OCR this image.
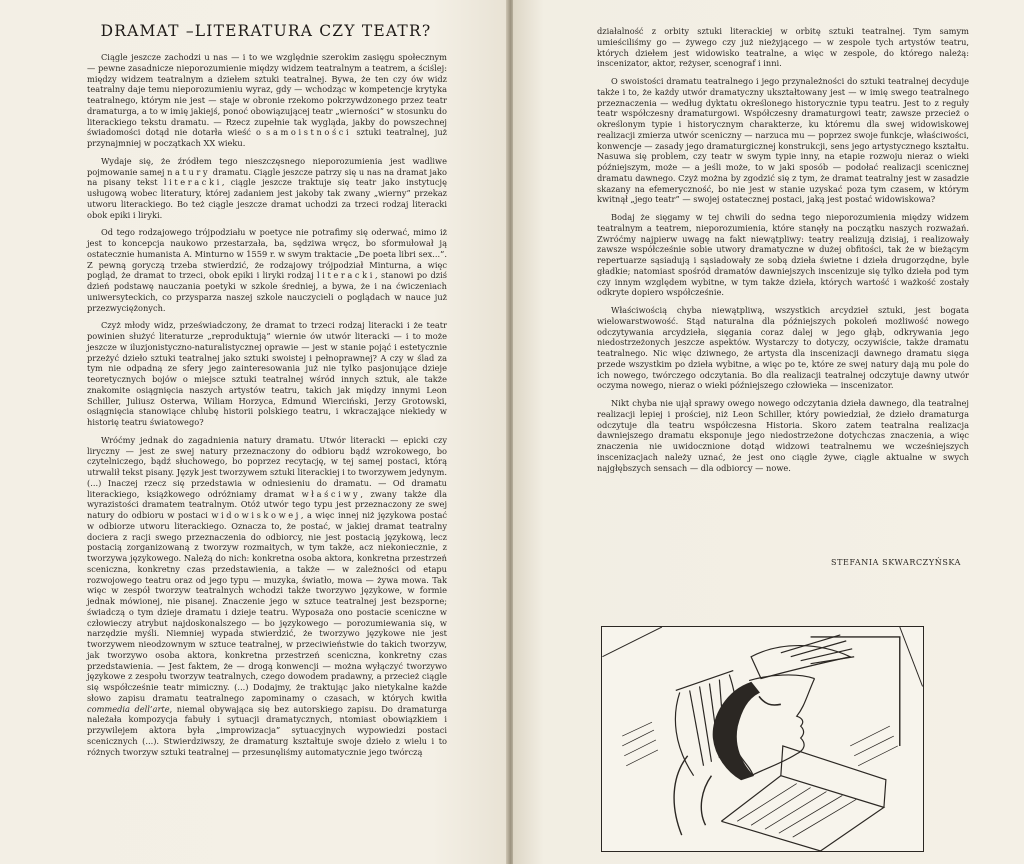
DRAMAT –LITERATURA CZY TEATR?

Ciągle jeszcze zachodzi u nas — i to we względnie szerokim zasięgu społecznym — pewne zasadnicze nieporozumienie między widzem teatralnym a teatrem, a ściślej: między widzem teatralnym a dziełem sztuki teatralnej. Bywa, że ten czy ów widz teatralny daje temu nieporozumieniu wyraz, gdy — wchodząc w kompetencje krytyka teatralnego, którym nie jest — staje w obronie rzekomo pokrzywdzonego przez teatr dramaturga, a to w imię jakiejś, ponoć obowiązującej teatr „wierności” w stosunku do literackiego tekstu dramatu. — Rzecz zupełnie tak wygląda, jakby do powszechnej świadomości dotąd nie dotarła wieść o samoistności sztuki teatralnej, już przynajmniej w początkach XX wieku.

Wydaje się, że źródłem tego nieszczęsnego nieporozumienia jest wadliwe pojmowanie samej natury dramatu. Ciągle jeszcze patrzy się u nas na dramat jako na pisany tekst literacki, ciągle jeszcze traktuje się teatr jako instytucję usługową wobec literatury, której zadaniem jest jakoby tak zwany „wierny” przekaz utworu literackiego. Bo też ciągle jeszcze dramat uchodzi za trzeci rodzaj literacki obok epiki i liryki.

Od tego rodzajowego trójpodziału w poetyce nie potrafimy się oderwać, mimo iż jest to koncepcja naukowo przestarzała, ba, sędziwa wręcz, bo sformułował ją ostatecznie humanista A. Minturno w 1559 r. w swym traktacie „De poeta libri sex...”. Z pewną goryczą trzeba stwierdzić, że rodzajowy trójpodział Minturna, a więc pogląd, że dramat to trzeci, obok epiki i liryki rodzaj literacki, stanowi po dziś dzień podstawę nauczania poetyki w szkole średniej, a bywa, że i na ćwiczeniach uniwersyteckich, co przysparza naszej szkole nauczycieli o poglądach w nauce już przezwyciężonych.

Czyż młody widz, przeświadczony, że dramat to trzeci rodzaj literacki i że teatr powinien służyć literaturze „reproduktują” wiernie ów utwór literacki — i to może jeszcze w iluzjonistyczno-naturalistycznej oprawie — jest w stanie pojąć i estetycznie przeżyć dzieło sztuki teatralnej jako sztuki swoistej i pełnoprawnej? A czy w ślad za tym nie odpadną ze sfery jego zainteresowania już nie tylko pasjonujące dzieje teoretycznych bojów o miejsce sztuki teatralnej wśród innych sztuk, ale także znakomite osiągnięcia naszych artystów teatru, takich jak między innymi Leon Schiller, Juliusz Osterwa, Wiliam Horzyca, Edmund Wierciński, Jerzy Grotowski, osiągnięcia stanowiące chlubę historii polskiego teatru, i wkraczające niekiedy w historię teatru światowego?

Wróćmy jednak do zagadnienia natury dramatu. Utwór literacki — epicki czy liryczny — jest ze swej natury przeznaczony do odbioru bądź wzrokowego, bo czytelniczego, bądź słuchowego, bo poprzez recytację, w tej samej postaci, którą utrwalił tekst pisany. Język jest tworzywem sztuki literackiej i to tworzywem jedynym. (...) Inaczej rzecz się przedstawia w odniesieniu do dramatu. — Od dramatu literackiego, książkowego odróżniamy dramat właściwy, zwany także dla wyrazistości dramatem teatralnym. Otóż utwór tego typu jest przeznaczony ze swej natury do odbioru w postaci widowiskowej, a więc innej niż językowa postać w odbiorze utworu literackiego. Oznacza to, że postać, w jakiej dramat teatralny dociera z racji swego przeznaczenia do odbiorcy, nie jest postacią językową, lecz postacią zorganizowaną z tworzyw rozmaitych, w tym także, acz niekoniecznie, z tworzywa językowego. Należą do nich: konkretna osoba aktora, konkretna przestrzeń sceniczna, konkretny czas przedstawienia, a także — w zależności od etapu rozwojowego teatru oraz od jego typu — muzyka, światło, mowa — żywa mowa. Tak więc w zespół tworzyw teatralnych wchodzi także tworzywo językowe, w formie jednak mówionej, nie pisanej. Znaczenie jego w sztuce teatralnej jest bezsporne; świadczą o tym dzieje dramatu i dzieje teatru. Wyposaża ono postacie sceniczne w człowieczy atrybut najdoskonalszego — bo językowego — porozumiewania się, w narzędzie myśli. Niemniej wypada stwierdzić, że tworzywo językowe nie jest tworzywem nieodzownym w sztuce teatralnej, w przeciwieństwie do takich tworzyw, jak tworzywo osoba aktora, konkretna przestrzeń sceniczna, konkretny czas przedstawienia. — Jest faktem, że — drogą konwencji — można wyłączyć tworzywo językowe z zespołu tworzyw teatralnych, czego dowodem pradawny, a przecież ciągle się współcześnie teatr mimiczny. (...) Dodajmy, że traktując jako nietykalne każde słowo zapisu dramatu teatralnego zapominamy o czasach, w których kwitła commedia dell’arte, niemal obywająca się bez autorskiego zapisu. Do dramaturga należała kompozycja fabuły i sytuacji dramatycznych, ntomiast obowiązkiem i przywilejem aktora była „improwizacja” sytuacyjnych wypowiedzi postaci scenicznych (...). Stwierdziwszy, że dramaturg kształtuje swoje dzieło z wielu i to różnych tworzyw sztuki teatralnej — przesunęliśmy automatycznie jego twórczą

działalność z orbity sztuki literackiej w orbitę sztuki teatralnej. Tym samym umieściliśmy go — żywego czy już nieżyjącego — w zespole tych artystów teatru, których dziełem jest widowisko teatralne, a więc w zespole, do którego należą: inscenizator, aktor, reżyser, scenograf i inni.

O swoistości dramatu teatralnego i jego przynależności do sztuki teatralnej decyduje także i to, że każdy utwór dramatyczny ukształtowany jest — w imię swego teatralnego przeznaczenia — według dyktatu określonego historycznie typu teatru. Jest to z reguły teatr współczesny dramaturgowi. Współczesny dramaturgowi teatr, zawsze przecież o określonym typie i historycznym charakterze, ku któremu dla swej widowiskowej realizacji zmierza utwór sceniczny — narzuca mu — poprzez swoje funkcje, właściwości, konwencje — zasady jego dramaturgicznej konstrukcji, sens jego artystycznego kształtu. Nasuwa się problem, czy teatr w swym typie inny, na etapie rozwoju nieraz o wieki późniejszym, może — a jeśli może, to w jaki sposób — podołać realizacji scenicznej dramatu dawnego. Czyż można by zgodzić się z tym, że dramat teatralny jest w zasadzie skazany na efemeryczność, bo nie jest w stanie uzyskać poza tym czasem, w którym kwitnął „jego teatr” — swojej ostatecznej postaci, jaką jest postać widowiskowa?

Bodaj że sięgamy w tej chwili do sedna tego nieporozumienia między widzem teatralnym a teatrem, nieporozumienia, które stanęły na początku naszych rozważań. Zwróćmy najpierw uwagę na fakt niewątpliwy: teatry realizują dzisiaj, i realizowały zawsze współcześnie sobie utwory dramatyczne w dużej obfitości, tak że w bieżącym repertuarze sąsiadują i sąsiadowały ze sobą dzieła świetne i dzieła drugorzędne, byle gładkie; natomiast spośród dramatów dawniejszych inscenizuje się tylko dzieła pod tym czy innym względem wybitne, w tym także dzieła, których wartość i ważkość zostały odkryte dopiero współcześnie.

Właściwością chyba niewątpliwą, wszystkich arcydzieł sztuki, jest bogata wielowarstwowość. Stąd naturalna dla późniejszych pokoleń możliwość nowego odczytywania arcydzieła, sięgania coraz dalej w jego głąb, odkrywania jego niedostrzeżonych jeszcze aspektów. Wystarczy to dotyczy, oczywiście, także dramatu teatralnego. Nic więc dziwnego, że artysta dla inscenizacji dawnego dramatu sięga przede wszystkim po dzieła wybitne, a więc po te, które ze swej natury dają mu pole do ich nowego, twórczego odczytania. Bo dla realizacji teatralnej odczytuje dawny utwór oczyma nowego, nieraz o wieki późniejszego człowieka — inscenizator.

Nikt chyba nie ujął sprawy owego nowego odczytania dzieła dawnego, dla teatralnej realizacji lepiej i prościej, niż Leon Schiller, który powiedział, że dzieło dramaturga odczytuje dla teatru współczesna Historia. Skoro zatem teatralna realizacja dawniejszego dramatu eksponuje jego niedostrzeżone dotychczas znaczenia, a więc znaczenia nie uwidocznione dotąd widzowi teatralnemu we wcześniejszych inscenizacjach należy uznać, że jest ono ciągle żywe, ciągle aktualne w swych najgłębszych sensach — dla odbiorcy — nowe.

STEFANIA SKWARCZYŃSKA
